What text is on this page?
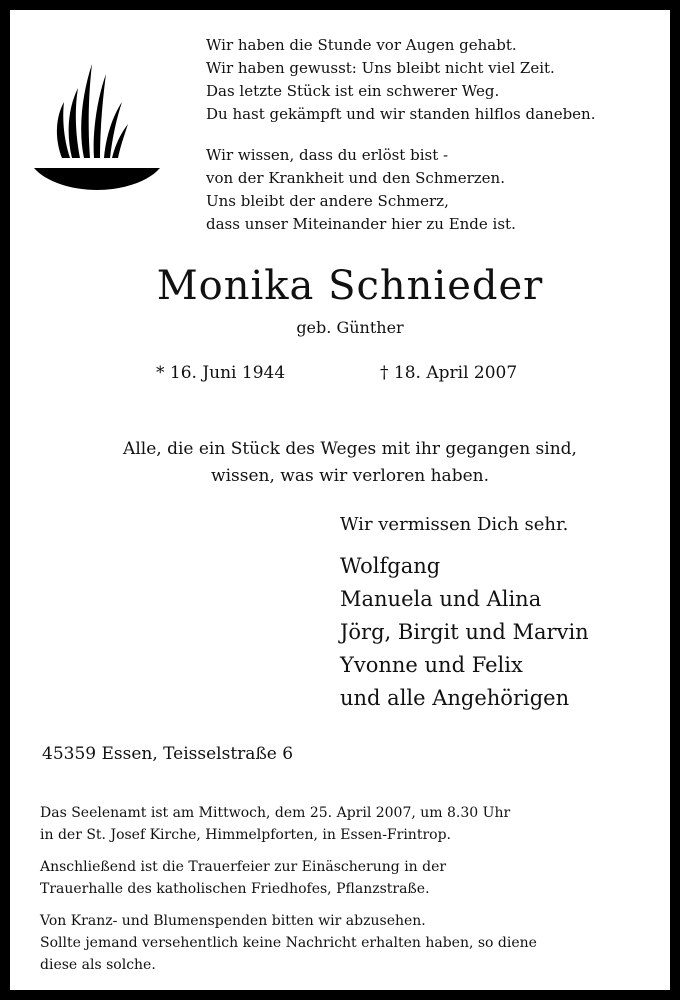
Wir haben die Stunde vor Augen gehabt.
Wir haben gewusst: Uns bleibt nicht viel Zeit.
Das letzte Stück ist ein schwerer Weg.
Du hast gekämpft und wir standen hilflos daneben.
Wir wissen, dass du erlöst bist -
von der Krankheit und den Schmerzen.
Uns bleibt der andere Schmerz,
dass unser Miteinander hier zu Ende ist.
Monika Schnieder
geb. Günther
* 16. Juni 1944	† 18. April 2007
Alle, die ein Stück des Weges mit ihr gegangen sind,
wissen, was wir verloren haben.
Wir vermissen Dich sehr.
Wolfgang
Manuela und Alina
Jörg, Birgit und Marvin
Yvonne und Felix
und alle Angehörigen
45359 Essen, Teisselstraße 6
Das Seelenamt ist am Mittwoch, dem 25. April 2007, um 8.30 Uhr
in der St. Josef Kirche, Himmelpforten, in Essen-Frintrop.
Anschließend ist die Trauerfeier zur Einäscherung in der
Trauerhalle des katholischen Friedhofes, Pflanzstraße.
Von Kranz- und Blumenspenden bitten wir abzusehen.
Sollte jemand versehentlich keine Nachricht erhalten haben, so diene
diese als solche.
